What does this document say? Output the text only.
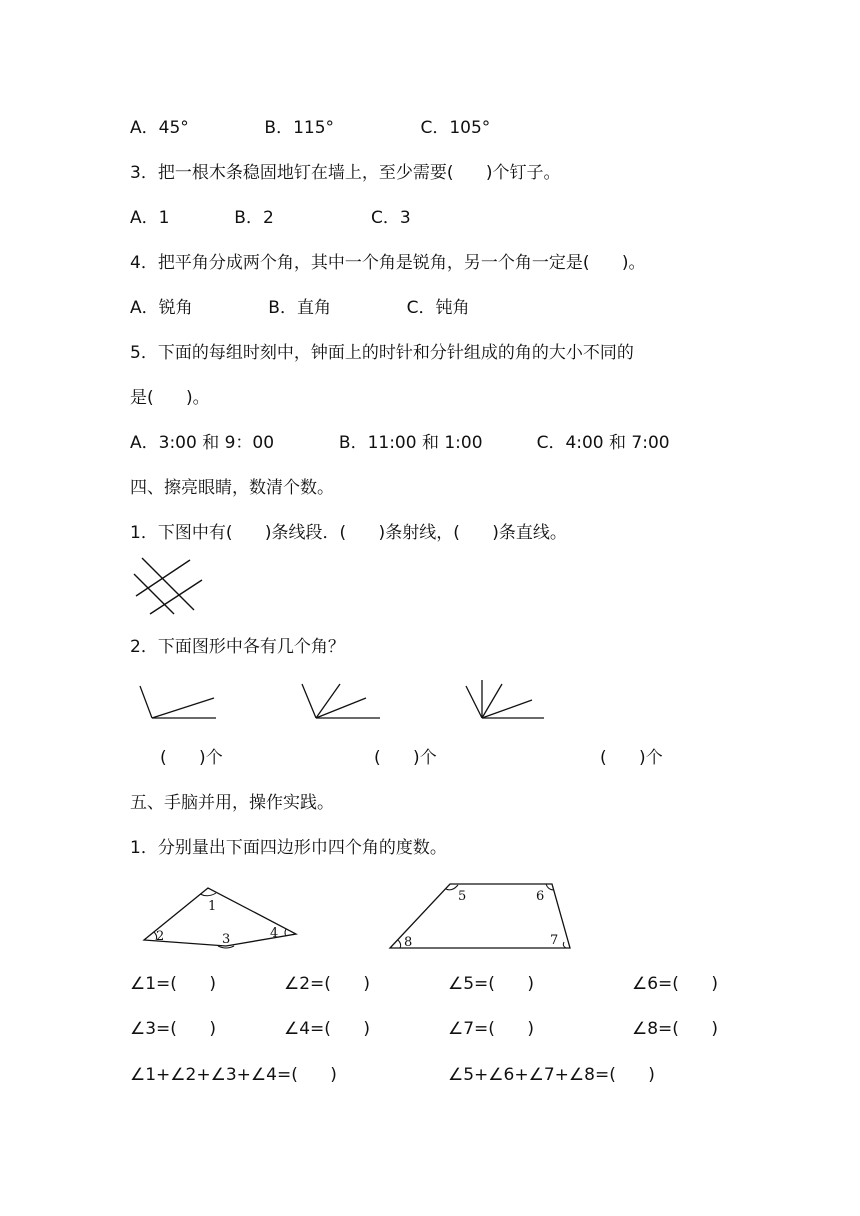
A．45°              B．115°                C．105°
3．把一根木条稳固地钉在墙上，至少需要(      )个钉子。
A．1            B．2                  C．3
4．把平角分成两个角，其中一个角是锐角，另一个角一定是(      )。
A．锐角              B．直角              C．钝角
5．下面的每组时刻中，钟面上的时针和分针组成的角的大小不同的
是(      )。
A．3:00 和 9：00            B．11:00 和 1:00          C．4:00 和 7:00
四、擦亮眼睛，数清个数。
1．下图中有(      )条线段．(      )条射线，(      )条直线。
2．下面图形中各有几个角？
(      )个	(      )个	(      )个
五、手脑并用，操作实践。
1．分别量出下面四边形巾四个角的度数。
1
2	3	4
5	6
7
8
∠1=(      )	∠2=(      )	∠5=(      )	∠6=(      )
∠3=(      )	∠4=(      )	∠7=(      )	∠8=(      )
∠1+∠2+∠3+∠4=(      )	∠5+∠6+∠7+∠8=(      )
